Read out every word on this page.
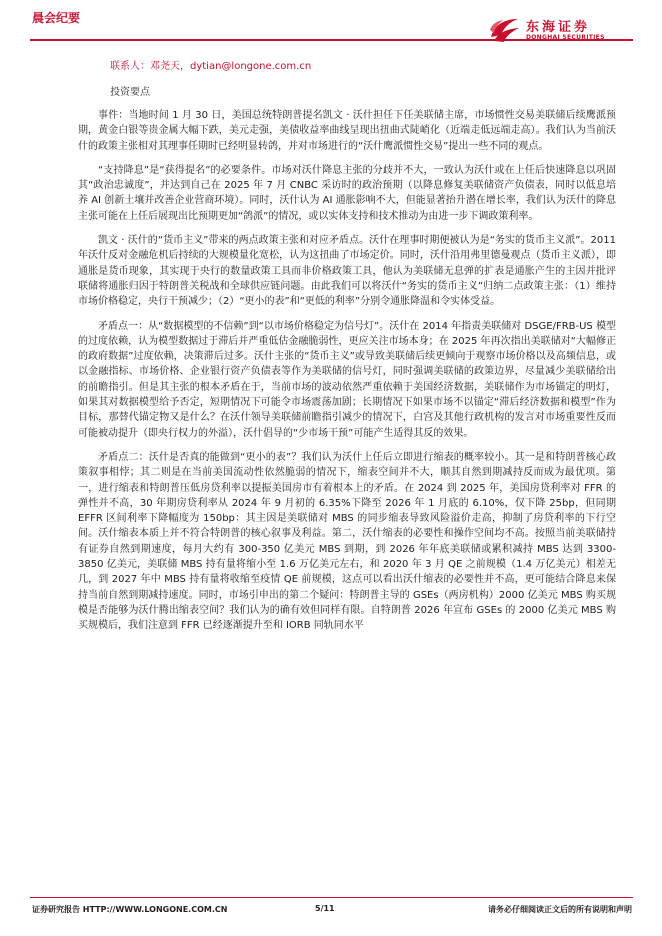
晨会纪要
东海证券
DONGHAI SECURITIES
联系人：邓尧天，dytian@longone.com.cn
投资要点

事件：当地时间 1 月 30 日，美国总统特朗普提名凯文 · 沃什担任下任美联储主席，市场惯性交易美联储后续鹰派预期，黄金白银等贵金属大幅下跌，美元走强，美债收益率曲线呈现出扭曲式陡峭化（近端走低远端走高）。我们认为当前沃什的政策主张相对其理事任期时已经明显转鸽，并对市场进行的“沃什鹰派惯性交易”提出一些不同的观点。

“支持降息”是“获得提名”的必要条件。市场对沃什降息主张的分歧并不大，一致认为沃什或在上任后快速降息以巩固其“政治忠诚度”，并达到自己在 2025 年 7 月 CNBC 采访时的政治预期（以降息修复美联储资产负债表，同时以低息培养 AI 创新土壤并改善企业营商环境）。同时，沃什认为 AI 通胀影响不大，但能显著抬升潜在增长率，我们认为沃什的降息主张可能在上任后展现出比预期更加“鸽派”的情况，或以实体支持和技术推动为由进一步下调政策利率。

凯文 · 沃什的“货币主义”带来的两点政策主张和对应矛盾点。沃什在理事时期便被认为是“务实的货币主义派”。2011 年沃什反对金融危机后持续的大规模量化宽松，认为这扭曲了市场定价。同时，沃什沿用弗里德曼观点（货币主义派），即通胀是货币现象，其实现于央行的数量政策工具而非价格政策工具，他认为美联储无息弹的扩表是通胀产生的主因并批评联储将通胀归因于特朗普关税战和全球供应链问题。由此我们可以将沃什“务实的货币主义”归纳二点政策主张：（1）维持市场价格稳定，央行干预减少；（2）“更小的表”和“更低的利率”分别令通胀降温和令实体受益。

矛盾点一：从“数据模型的不信赖”到“以市场价格稳定为信号灯”。沃什在 2014 年指责美联储对 DSGE/FRB-US 模型的过度依赖，认为模型数据过于滞后并严重低估金融脆弱性，更应关注市场本身；在 2025 年再次指出美联储对“大幅修正的政府数据”过度依赖，决策滞后过多。沃什主张的“货币主义”或导致美联储后续更倾向于观察市场价格以及高频信息，或以金融指标、市场价格、企业银行资产负债表等作为美联储的信号灯，同时强调美联储的政策边界，尽量减少美联储给出的前瞻指引。但是其主张的根本矛盾在于，当前市场的波动依然严重依赖于美国经济数据，美联储作为市场锚定的明灯，如果其对数据模型给予否定，短期情况下可能令市场震荡加剧；长期情况下如果市场不以锚定“滞后经济数据和模型”作为目标，那替代锚定物又是什么？在沃什领导美联储前瞻指引减少的情况下，白宫及其他行政机构的发言对市场重要性反而可能被动提升（即央行权力的外溢），沃什倡导的“少市场干预”可能产生适得其反的效果。

矛盾点二：沃什是否真的能做到“更小的表”？我们认为沃什上任后立即进行缩表的概率较小。其一是和特朗普核心政策叙事相悖；其二则是在当前美国流动性依然脆弱的情况下，缩表空间并不大，顺其自然到期减持反而成为最优项。第一，进行缩表和特朗普压低房贷利率以提振美国房市有着根本上的矛盾。在 2024 到 2025 年，美国房贷利率对 FFR 的弹性并不高，30 年期房贷利率从 2024 年 9 月初的 6.35%下降至 2026 年 1 月底的 6.10%，仅下降 25bp，但同期 EFFR 区间利率下降幅度为 150bp：其主因是美联储对 MBS 的同步缩表导致风险溢价走高，抑制了房贷利率的下行空间。沃什缩表本质上并不符合特朗普的核心叙事及利益。第二，沃什缩表的必要性和操作空间均不高。按照当前美联储持有证券自然到期速度，每月大约有 300-350 亿美元 MBS 到期，到 2026 年年底美联储或累积减持 MBS 达到 3300-3850 亿美元，美联储 MBS 持有量将缩小至 1.6 万亿美元左右，和 2020 年 3 月 QE 之前规模（1.4 万亿美元）相差无几，到 2027 年中 MBS 持有量将收缩至疫情 QE 前规模，这点可以看出沃什缩表的必要性并不高，更可能结合降息来保持当前自然到期减持速度。同时，市场引申出的第二个疑问：特朗普主导的 GSEs（两房机构）2000 亿美元 MBS 购买规模是否能够为沃什腾出缩表空间？我们认为的确有效但同样有限。自特朗普 2026 年宣布 GSEs 的 2000 亿美元 MBS 购买规模后，我们注意到 FFR 已经逐渐提升至和 IORB 同轨同水平

证券研究报告 HTTP://WWW.LONGONE.COM.CN	5/11	请务必仔细阅读正文后的所有说明和声明
